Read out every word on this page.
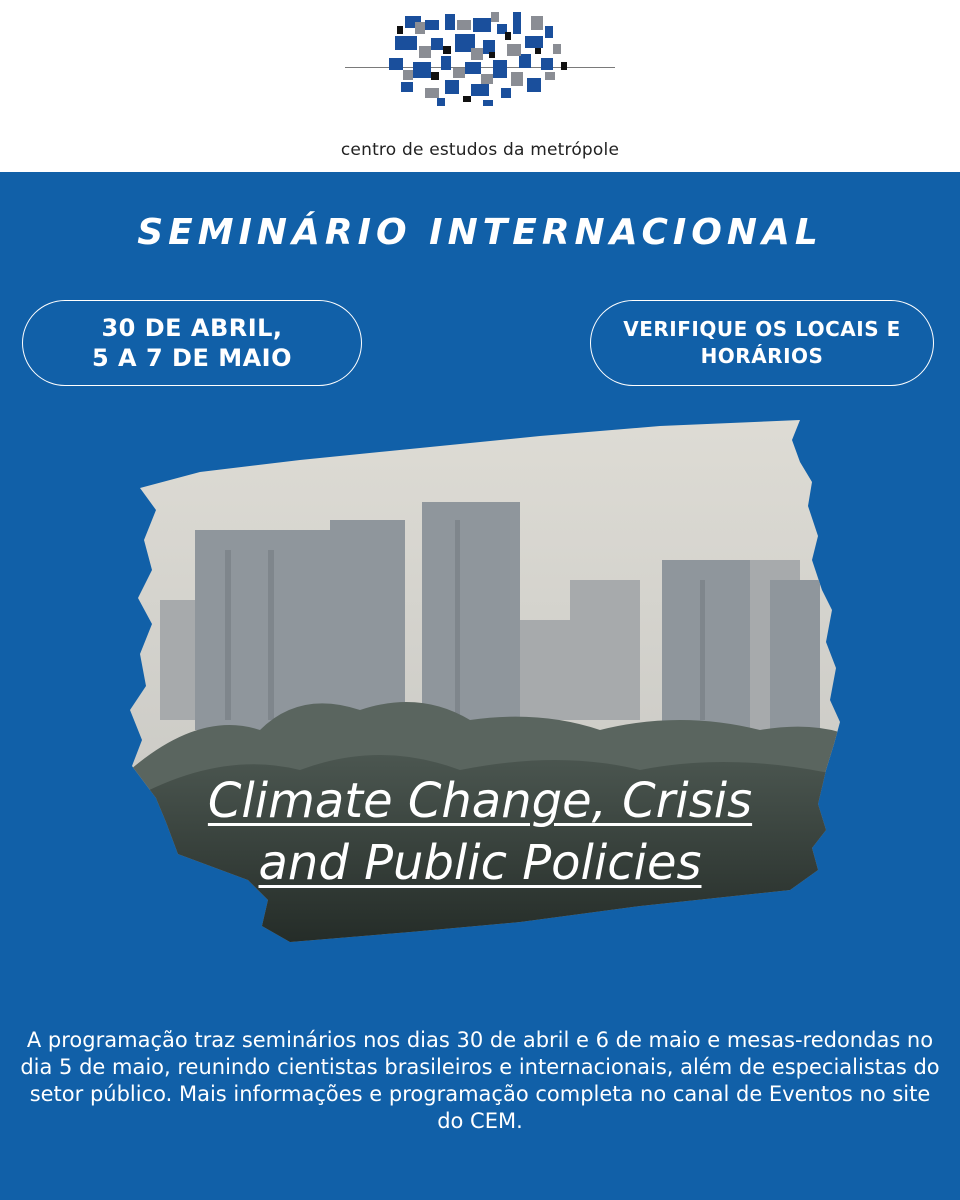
centro de estudos da metrópole
SEMINÁRIO INTERNACIONAL
30 DE ABRIL,
5 A 7 DE MAIO
VERIFIQUE OS LOCAIS E
HORÁRIOS
Climate Change, Crisis
and Public Policies
A programação traz seminários nos dias 30 de abril e 6 de maio e mesas-redondas no dia 5 de maio, reunindo cientistas brasileiros e internacionais, além de especialistas do setor público. Mais informações e programação completa no canal de Eventos no site do CEM.
